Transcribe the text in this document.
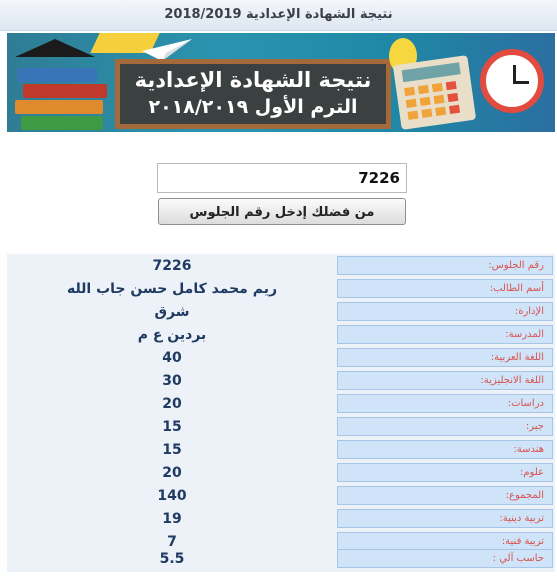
نتيجة الشهادة الإعدادية 2018/2019
نتيجة الشهادة الإعدادية
الترم الأول ٢٠١٨/٢٠١٩
7226
من فضلك إدخل رقم الجلوس
7226	رقم الجلوس:
ريم محمد كامل حسن جاب الله	أسم الطالب:
شرق	الإدارة:
بردين ع م	المدرسة:
40	اللغة العربية:
30	اللغة الانجليزية:
20	دراسات:
15	جبر:
15	هندسة:
20	علوم:
140	المجموع:
19	تربية دينية:
7	تربية فنية:
5.5	حاسب آلي :
